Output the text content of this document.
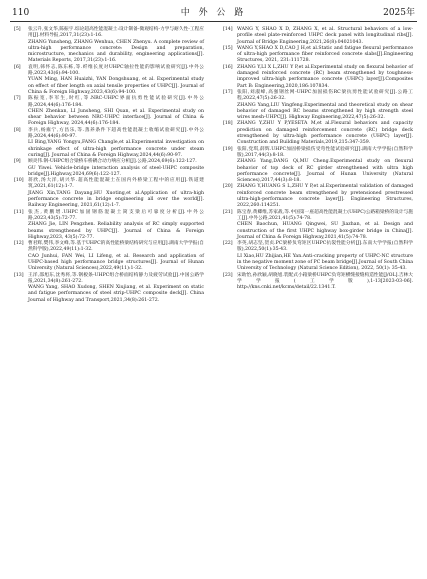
110	中 外 公 路	2025年
[5]	张云升,张文华,陈振宇.综论超高性能混凝土:设计制备-微观结构-力学与耐久性-工程应用[J].材料导报,2017,31(23):1-16.
ZHANG Yunsheng, ZHANG Wenhua, CHEN Zhenyu. A complete review of ultra-high performance concrete: Design and preparation, microstructure, mechanics and durability, engineering applications[J]. Materials Reports, 2017,31(23):1-16.
[6]	袁明,韩怀志,陈东栋,等.纤维长度对UHPC轴拉性能的影响试验研究[J].中外公路,2023,43(6):94-100.
YUAN Ming, HAN Huaizhi, YAN Dongshuang, et al. Experimental study on effect of fiber length on axial tensile properties of UHPC[J]. Journal of China & Foreign Highway,2023,43(6):94-100.
[7]	陈振宽,李军生,时红,等.NRC-UHPC界面抗剪性能试验研究[J].中外公路,2024,44(6):176-184.
CHEN Zhenkan, LI Junsheng, SHI Quan, et al. Experimental study on shear behavior between NRC-UHPC interface[J]. Journal of China & Foreign Highway, 2024,44(6):176-184.
[8]	李兵,杨雍宁,方昌乐,等.蒸养条件下超高性能混凝土收缩试验研究[J].中外公路,2024,44(6):90-97.
LI Bing,YANG Yongyu,FANG Changle,et al.Experimental investigation on shrinkage effect of ultra-high performance concrete under steam curing[J]. Journal of China & Foreign Highway,2024,44(6):90-97.
[9]	顾炎伟.钢-UHPC组合梁桥车桥耦合动力响应分析[J].公路,2024,69(6):122-127.
GU Yiwei. Vehicle-bridge interaction analysis of steel-UHPC composite bridge[J].Highway,2024,69(6):122-127.
[10] 蒋欣,汤大洋,胡兴华.超高性能混凝土在国内外桥梁工程中的应用[J].铁道建筑,2021,61(12):1-7.
JIANG Xin,TANG Dayang,HU Xuoting,et al.Application of ultra-high performance concrete in bridge engineering all over the world[J]. Railway Engineering, 2021,61(12):1-7.
[11] 张杰,黄鹏增.UHPC加固钢筋混凝土简支梁后可靠度分析[J].中外公路,2023,43(5):72-77.
ZHANG Jie, LIN Pengzhen. Reliability analysis of RC simply supported beams strengthened by UHPC[J]. Journal of China & Foreign Highway,2023, 43(5):72-77.
[12] 曹君辉,樊伟,李文峰,等.基于UHPC的高性能桥梁结构研究与应用[J].湖南大学学报(自然科学版),2022,49(11):1-32.
CAO Junhui, FAN Wei, LI Lifeng, et al. Research and application of UHPC-based high performance bridge structures[J]. Journal of Hunan University (Natural Sciences),2022,49(11):1-32.
[13] 王洋,邵旭东,沈秀将,等.钢板条-UHPC组合桥面结构静力及疲劳试验[J].中国公路学报,2021,34(8):261-272.
WANG Yang, SHAO Xudong, SHEN Xiujiang, et al. Experiment on static and fatigue performances of steel strip-UHPC composite deck[J]. China Journal of Highway and Transport,2021,34(8):261-272.
[14] WANG Y, SHAO X D, ZHANG X, et al. Structural behaviors of a low-profile steel plate-reinforced UHPC deck panel with longitudinal ribs[J]. Journal of Bridge Engineering,2021,26(8):04021043.
[15] WANG Y,SHAO X D,CAO J H,et al.Static and fatigue flexural performance of ultra-high performance fiber reinforced concrete slabs[J].Engineering Structures, 2021, 231:111728.
[16] ZHANG Y,LI X L,ZHU Y P,et al.Experimental study on flexural behavior of damaged reinforced concrete (RC) beam strengthened by toughness-improved ultra-high performance concrete (UHPC) layer[J].Composites Part B: Engineering,2020,186:107834.
[17] 张阳,刘淑峰,高强钢丝网-UHPC加固损伤RC梁抗剪性能试验研究[J].公路工程,2022,47(5):26-32.
ZHANG Yang,LIU Yingfeng.Experimental and theoretical study on shear behavior of damaged RC beams strengthened by high strength steel wires mesh-UHPC[J]. Highway Engineering,2022,47(5):26-32.
[18] ZHANG Y,ZHU Y P,YESETA M,et al.Flexural behaviors and capacity prediction on damaged reinforcement concrete (RC) bridge deck strengthened by ultra-high performance concrete (UHPC) layer[J]. Construction and Building Materials,2019,215:347-359.
[19] 张阳,党琪,薛辉.UHPC加固桥梁损伤受弯性能试验研究[J].湖南大学学报(自然科学版),2017,44(3):8-18.
ZHANG Yang,DANG Qi,MU Cheng.Experimental study on flexural behavior of top deck of RC girder strengthened with ultra high performance concrete[J]. Journal of Hunan University (Natural Sciences),2017,44(3):8-18.
[20] ZHANG Y,HUANG S L,ZHU Y P,et al.Experimental validation of damaged reinforced concrete beam strengthened by pretensioned prestressed ultra-high-performance concrete layer[J]. Engineering Structures, 2022,260:114251.
[21] 陈宝春,黄卿维,苏家战,等.中国第一座超高性能混凝土(UHPC)公路箱梁桥的设计与施工[J].中外公路,2021,41(5):74-78.
CHEN Baochun, HUANG Qingwei, SU Jiazhan, et al. Design and construction of the first UHPC highway box-girder bridge in China[J]. Journal of China & Foreign Highway,2021,41(5):74-78.
[22] 李英,胡志坚,贺贞.PC梁桥负弯矩区UHPC抗裂性能分析[J].东南大学学报(自然科学版),2022,50(1):35-43.
LI Xiao,HU Zhijian,HE Yan.Anti-cracking property of UHPC-NC structure in the negative moment zone of PC beam bridge[J].Journal of South China University of Technology (Natural Science Edition), 2022, 50(1): 35-43.
[23] 宋助怡,孙欣颖,胡晓旭.装配式小箱梁桥UHPC负弯矩横缝接缝构造性能[J/OL].吉林大学学报(工学版),1-13[2023-03-06]. http://kns.cnki.net/kcms/detail/22.1341.T.
